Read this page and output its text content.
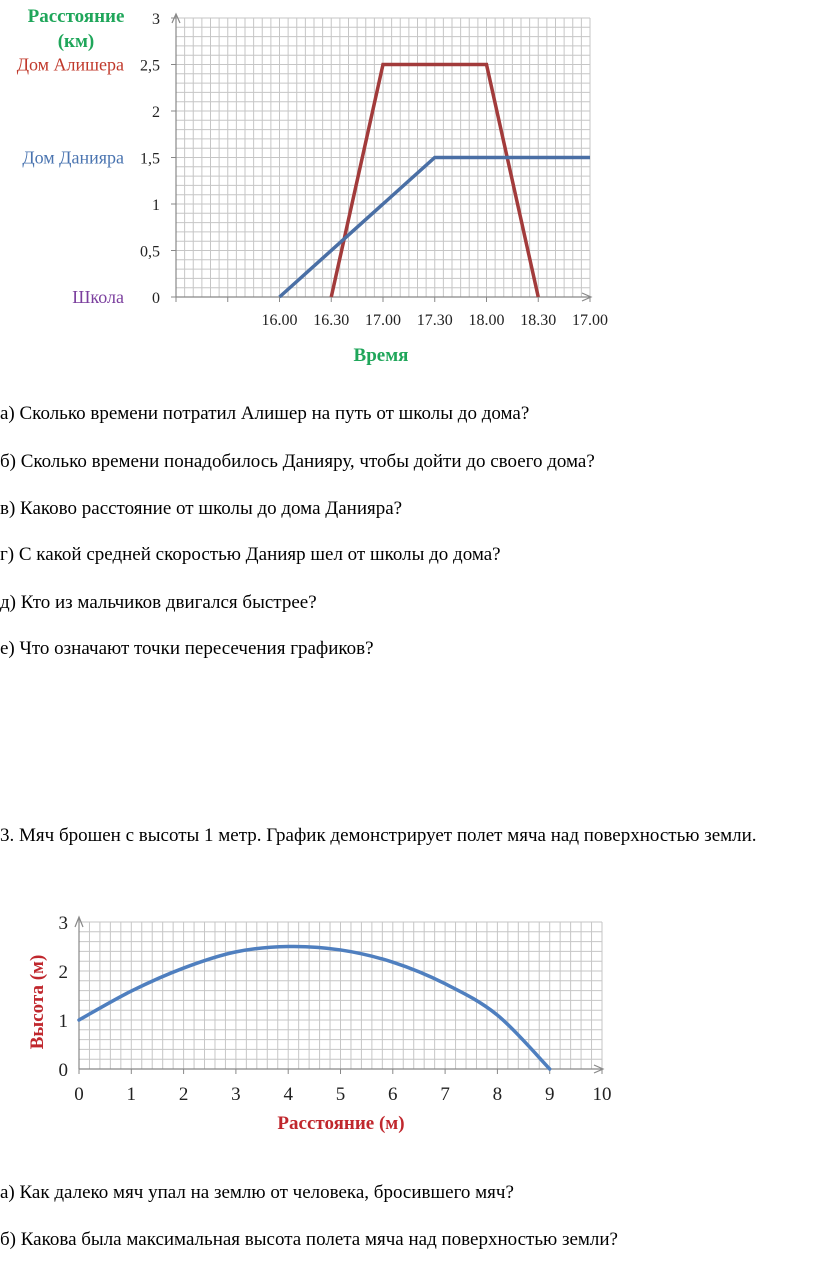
0
0,5
1
1,5
2
2,5
3
16.00 16.30 17.00 17.30 18.00 18.30 17.00
Дом Алишера
Дом Данияра
Школа
Расстояние
(км)
Время

а) Сколько времени потратил Алишер на путь от школы до дома?

б) Сколько времени понадобилось Данияру, чтобы дойти до своего дома?

в) Каково расстояние от школы до дома Данияра?

г) С какой средней скоростью Данияр шел от школы до дома?

д) Кто из мальчиков двигался быстрее?

е) Что означают точки пересечения графиков?

3. Мяч брошен с высоты 1 метр. График демонстрирует полет мяча над поверхностью земли.

0 1 2 3 4 5 6 7 8 9 10
0
1
2
3
Высота (м)
Расстояние (м)

а) Как далеко мяч упал на землю от человека, бросившего мяч?

б) Какова была максимальная высота полета мяча над поверхностью земли?
